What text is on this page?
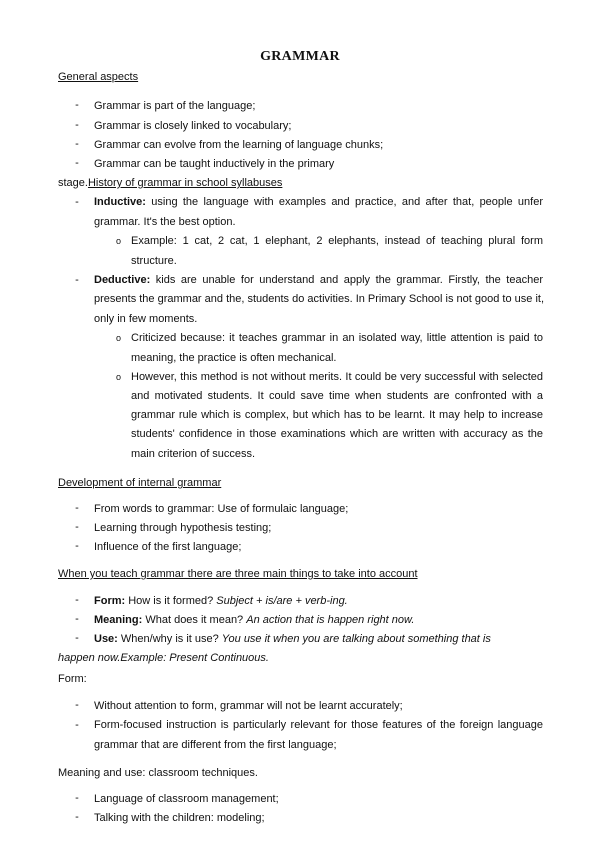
GRAMMAR
General aspects
- Grammar is part of the language;
- Grammar is closely linked to vocabulary;
- Grammar can evolve from the learning of language chunks;
- Grammar can be taught inductively in the primary
stage.History of grammar in school syllabuses
- Inductive: using the language with examples and practice, and after that, people unfer
grammar. It's the best option.
o Example: 1 cat, 2 cat, 1 elephant, 2 elephants, instead of teaching plural form
structure.
- Deductive: kids are unable for understand and apply the grammar. Firstly, the teacher
presents the grammar and the, students do activities. In Primary School is not good to use it,
only in few moments.
o Criticized because: it teaches grammar in an isolated way, little attention is paid to
meaning, the practice is often mechanical.
o However, this method is not without merits. It could be very successful with selected
and motivated students. It could save time when students are confronted with a
grammar rule which is complex, but which has to be learnt. It may help to increase
students' confidence in those examinations which are written with accuracy as the
main criterion of success.
Development of internal grammar
- From words to grammar: Use of formulaic language;
- Learning through hypothesis testing;
- Influence of the first language;
When you teach grammar there are three main things to take into account
- Form: How is it formed? Subject + is/are + verb-ing.
- Meaning: What does it mean? An action that is happen right now.
- Use: When/why is it use? You use it when you are talking about something that is
happen now.Example: Present Continuous.
Form:
- Without attention to form, grammar will not be learnt accurately;
- Form-focused instruction is particularly relevant for those features of the foreign language
grammar that are different from the first language;
Meaning and use: classroom techniques.
- Language of classroom management;
- Talking with the children: modeling;
